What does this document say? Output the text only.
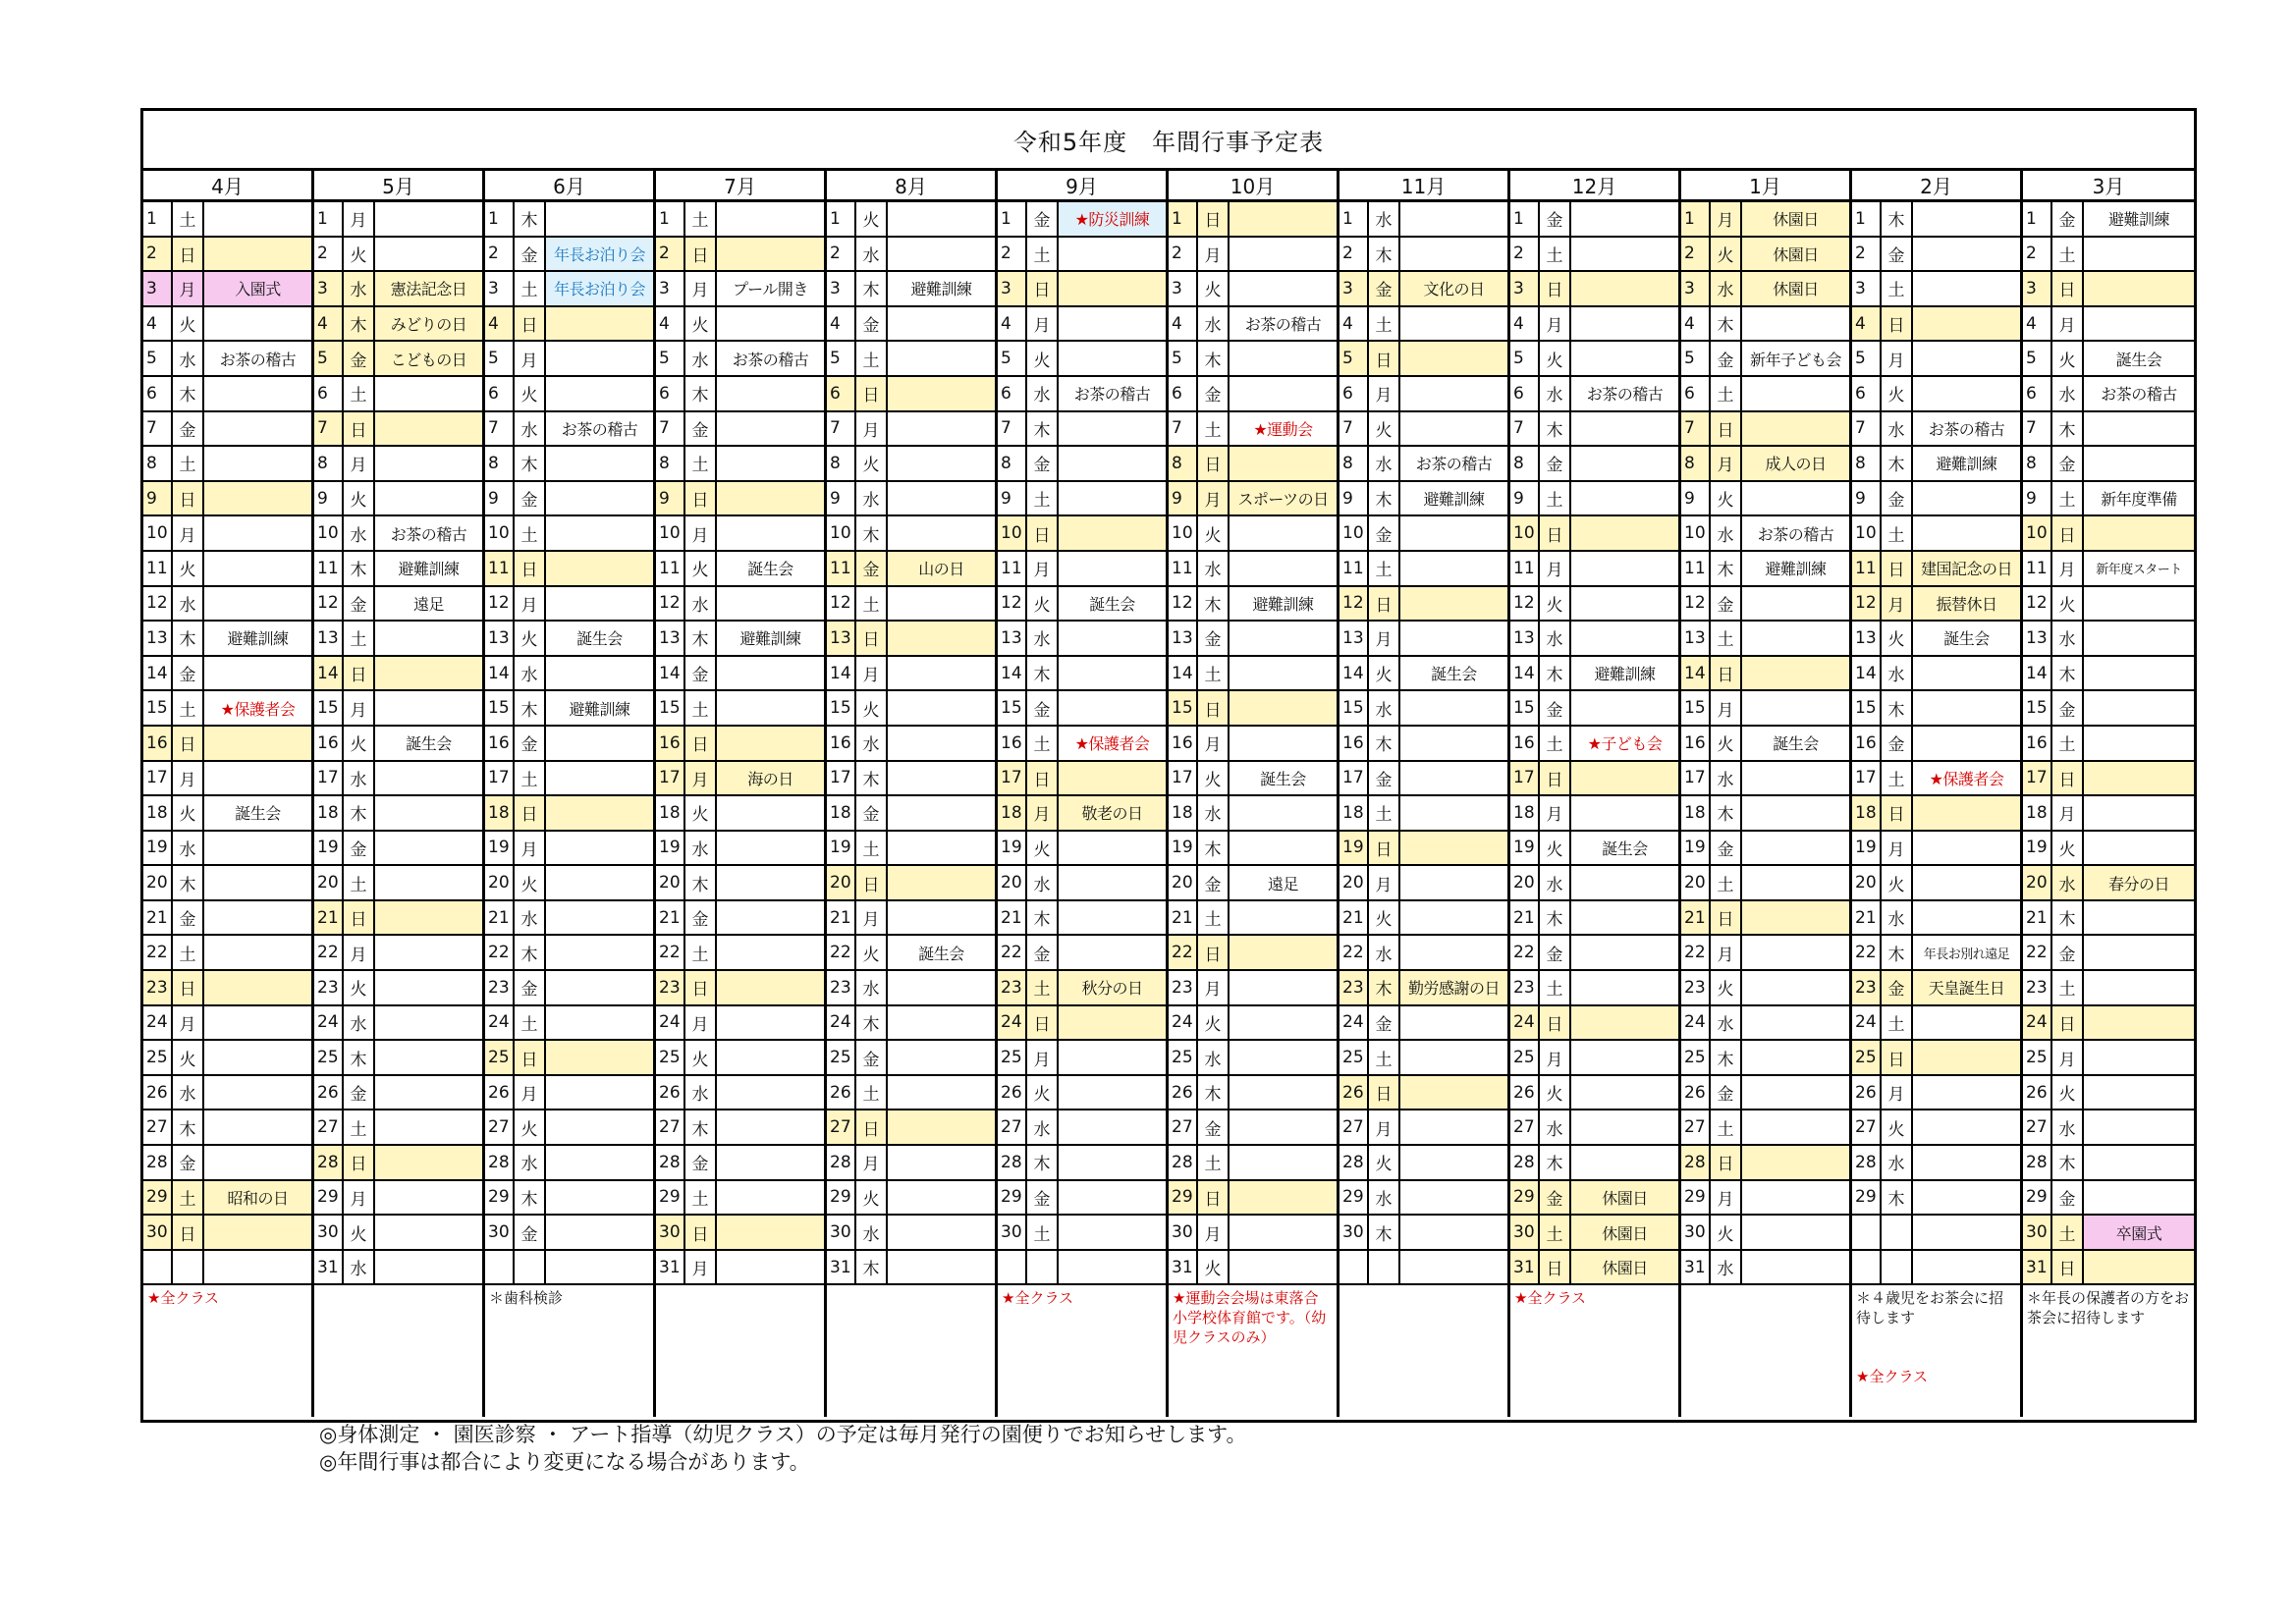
令和5年度　年間行事予定表
4月
1	土
2	日
3	月	入園式
4	火
5	水	お茶の稽古
6	木
7	金
8	土
9	日
10 月
11 火
12 水
13 木	避難訓練
14 金
15 土	★保護者会
16 日
17 月
18 火	誕生会
19 水
20 木
21 金
22 土
23 日
24 月
25 火
26 水
27 木
28 金
29 土	昭和の日
30 日
★全クラス
5月
1	月
2	火
3	水	憲法記念日
4	木	みどりの日
5	金	こどもの日
6	土
7	日
8	月
9	火
10 水	お茶の稽古
11 木	避難訓練
12 金	遠足
13 土
14 日
15 月
16 火	誕生会
17 水
18 木
19 金
20 土
21 日
22 月
23 火
24 水
25 木
26 金
27 土
28 日
29 月
30 火
31 水
6月
1	木
2	金	年長お泊り会
3	土	年長お泊り会
4	日
5	月
6	火
7	水	お茶の稽古
8	木
9	金
10 土
11 日
12 月
13 火	誕生会
14 水
15 木	避難訓練
16 金
17 土
18 日
19 月
20 火
21 水
22 木
23 金
24 土
25 日
26 月
27 火
28 水
29 木
30 金
＊歯科検診
7月
1	土
2	日
3	月	プール開き
4	火
5	水	お茶の稽古
6	木
7	金
8	土
9	日
10 月
11 火	誕生会
12 水
13 木	避難訓練
14 金
15 土
16 日
17 月	海の日
18 火
19 水
20 木
21 金
22 土
23 日
24 月
25 火
26 水
27 木
28 金
29 土
30 日
31 月
8月
1	火
2	水
3	木	避難訓練
4	金
5	土
6	日
7	月
8	火
9	水
10 木
11 金	山の日
12 土
13 日
14 月
15 火
16 水
17 木
18 金
19 土
20 日
21 月
22 火	誕生会
23 水
24 木
25 金
26 土
27 日
28 月
29 火
30 水
31 木
9月
1	金	★防災訓練
2	土
3	日
4	月
5	火
6	水	お茶の稽古
7	木
8	金
9	土
10 日
11 月
12 火	誕生会
13 水
14 木
15 金
16 土	★保護者会
17 日
18 月	敬老の日
19 火
20 水
21 木
22 金
23 土	秋分の日
24 日
25 月
26 火
27 水
28 木
29 金
30 土
★全クラス
10月
1	日
2	月
3	火
4	水	お茶の稽古
5	木
6	金
7	土	★運動会
8	日
9	月	スポーツの日
10 火
11 水
12 木	避難訓練
13 金
14 土
15 日
16 月
17 火	誕生会
18 水
19 木
20 金	遠足
21 土
22 日
23 月
24 火
25 水
26 木
27 金
28 土
29 日
30 月
31 火
★運動会会場は東落合小学校体育館です。（幼児クラスのみ）
11月
1	水
2	木
3	金	文化の日
4	土
5	日
6	月
7	火
8	水	お茶の稽古
9	木	避難訓練
10 金
11 土
12 日
13 月
14 火	誕生会
15 水
16 木
17 金
18 土
19 日
20 月
21 火
22 水
23 木	勤労感謝の日
24 金
25 土
26 日
27 月
28 火
29 水
30 木
12月
1	金
2	土
3	日
4	月
5	火
6	水	お茶の稽古
7	木
8	金
9	土
10 日
11 月
12 火
13 水
14 木	避難訓練
15 金
16 土	★子ども会
17 日
18 月
19 火	誕生会
20 水
21 木
22 金
23 土
24 日
25 月
26 火
27 水
28 木
29 金	休園日
30 土	休園日
31 日	休園日
★全クラス
1月
1	月	休園日
2	火	休園日
3	水	休園日
4	木
5	金	新年子ども会
6	土
7	日
8	月	成人の日
9	火
10 水	お茶の稽古
11 木	避難訓練
12 金
13 土
14 日
15 月
16 火	誕生会
17 水
18 木
19 金
20 土
21 日
22 月
23 火
24 水
25 木
26 金
27 土
28 日
29 月
30 火
31 水
2月
1	木
2	金
3	土
4	日
5	月
6	火
7	水	お茶の稽古
8	木	避難訓練
9	金
10 土
11 日	建国記念の日
12 月	振替休日
13 火	誕生会
14 水
15 木
16 金
17 土	★保護者会
18 日
19 月
20 火
21 水
22 木	年長お別れ遠足
23 金	天皇誕生日
24 土
25 日
26 月
27 火
28 水
29 木
＊４歳児をお茶会に招待します

★全クラス
3月
1	金	避難訓練
2	土
3	日
4	月
5	火	誕生会
6	水	お茶の稽古
7	木
8	金
9	土	新年度準備
10 日
11 月	新年度スタート
12 火
13 水
14 木
15 金
16 土
17 日
18 月
19 火
20 水	春分の日
21 木
22 金
23 土
24 日
25 月
26 火
27 水
28 木
29 金
30 土	卒園式
31 日
＊年長の保護者の方をお茶会に招待します
◎身体測定 ・ 園医診察 ・ アート指導（幼児クラス）の予定は毎月発行の園便りでお知らせします。
◎年間行事は都合により変更になる場合があります。
